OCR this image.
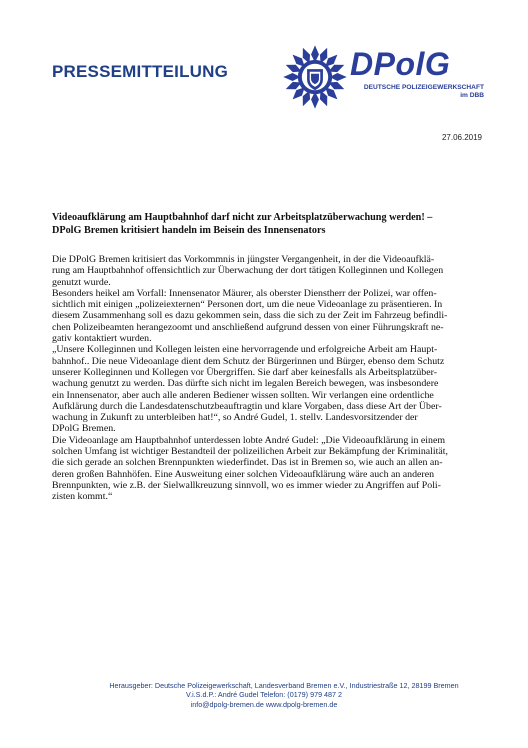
PRESSEMITTEILUNG	DPolG
DEUTSCHE POLIZEIGEWERKSCHAFT
im DBB
27.06.2019
Videoaufklärung am Hauptbahnhof darf nicht zur Arbeitsplatzüberwachung werden! –
DPolG Bremen kritisiert handeln im Beisein des Innensenators
Die DPolG Bremen kritisiert das Vorkommnis in jüngster Vergangenheit, in der die Videoaufklä-
rung am Hauptbahnhof offensichtlich zur Überwachung der dort tätigen Kolleginnen und Kollegen
genutzt wurde.
Besonders heikel am Vorfall: Innensenator Mäurer, als oberster Dienstherr der Polizei, war offen-
sichtlich mit einigen „polizeiexternen“ Personen dort, um die neue Videoanlage zu präsentieren. In
diesem Zusammenhang soll es dazu gekommen sein, dass die sich zu der Zeit im Fahrzeug befindli-
chen Polizeibeamten herangezoomt und anschließend aufgrund dessen von einer Führungskraft ne-
gativ kontaktiert wurden.
„Unsere Kolleginnen und Kollegen leisten eine hervorragende und erfolgreiche Arbeit am Haupt-
bahnhof.. Die neue Videoanlage dient dem Schutz der Bürgerinnen und Bürger, ebenso dem Schutz
unserer Kolleginnen und Kollegen vor Übergriffen. Sie darf aber keinesfalls als Arbeitsplatzüber-
wachung genutzt zu werden. Das dürfte sich nicht im legalen Bereich bewegen, was insbesondere
ein Innensenator, aber auch alle anderen Bediener wissen sollten. Wir verlangen eine ordentliche
Aufklärung durch die Landesdatenschutzbeauftragtin und klare Vorgaben, dass diese Art der Über-
wachung in Zukunft zu unterbleiben hat!“, so André Gudel, 1. stellv. Landesvorsitzender der
DPolG Bremen.
Die Videoanlage am Hauptbahnhof unterdessen lobte André Gudel: „Die Videoaufklärung in einem
solchen Umfang ist wichtiger Bestandteil der polizeilichen Arbeit zur Bekämpfung der Kriminalität,
die sich gerade an solchen Brennpunkten wiederfindet. Das ist in Bremen so, wie auch an allen an-
deren großen Bahnhöfen. Eine Ausweitung einer solchen Videoaufklärung wäre auch an anderen
Brennpunkten, wie z.B. der Sielwallkreuzung sinnvoll, wo es immer wieder zu Angriffen auf Poli-
zisten kommt.“
Herausgeber: Deutsche Polizeigewerkschaft, Landesverband Bremen e.V., Industriestraße 12, 28199 Bremen
V.i.S.d.P.: André Gudel Telefon: (0179) 979 487 2
info@dpolg-bremen.de www.dpolg-bremen.de
